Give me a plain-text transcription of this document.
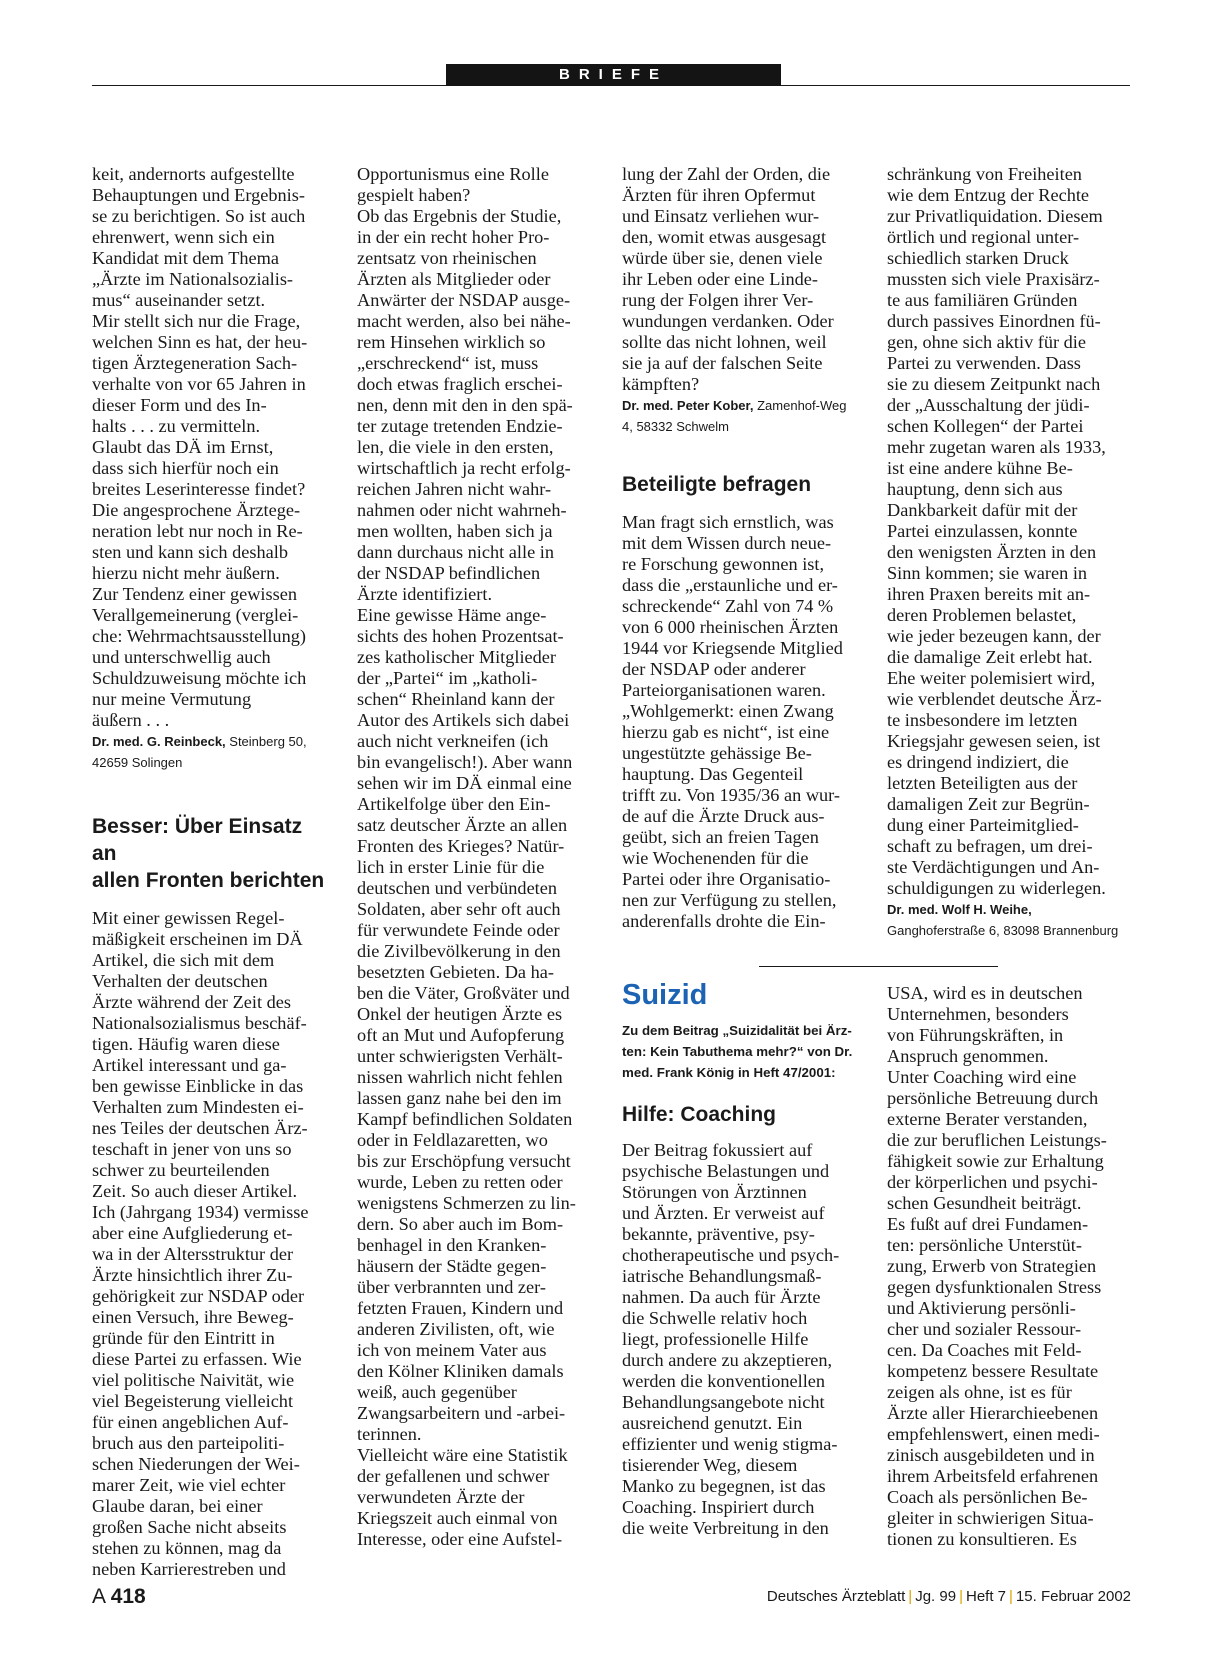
BRIEFE

keit, andernorts aufgestellte
Behauptungen und Ergebnis-
se zu berichtigen. So ist auch
ehrenwert, wenn sich ein
Kandidat mit dem Thema
„Ärzte im Nationalsozialis-
mus“ auseinander setzt.
Mir stellt sich nur die Frage,
welchen Sinn es hat, der heu-
tigen Ärztegeneration Sach-
verhalte von vor 65 Jahren in
dieser Form und des In-
halts . . . zu vermitteln.
Glaubt das DÄ im Ernst,
dass sich hierfür noch ein
breites Leserinteresse findet?
Die angesprochene Ärztege-
neration lebt nur noch in Re-
sten und kann sich deshalb
hierzu nicht mehr äußern.
Zur Tendenz einer gewissen
Verallgemeinerung (verglei-
che: Wehrmachtsausstellung)
und unterschwellig auch
Schuldzuweisung möchte ich
nur meine Vermutung
äußern . . .

Dr. med. G. Reinbeck, Steinberg 50,
42659 Solingen

Besser: Über Einsatz an
allen Fronten berichten

Mit einer gewissen Regel-
mäßigkeit erscheinen im DÄ
Artikel, die sich mit dem
Verhalten der deutschen
Ärzte während der Zeit des
Nationalsozialismus beschäf-
tigen. Häufig waren diese
Artikel interessant und ga-
ben gewisse Einblicke in das
Verhalten zum Mindesten ei-
nes Teiles der deutschen Ärz-
teschaft in jener von uns so
schwer zu beurteilenden
Zeit. So auch dieser Artikel.
Ich (Jahrgang 1934) vermisse
aber eine Aufgliederung et-
wa in der Altersstruktur der
Ärzte hinsichtlich ihrer Zu-
gehörigkeit zur NSDAP oder
einen Versuch, ihre Beweg-
gründe für den Eintritt in
diese Partei zu erfassen. Wie
viel politische Naivität, wie
viel Begeisterung vielleicht
für einen angeblichen Auf-
bruch aus den parteipoliti-
schen Niederungen der Wei-
marer Zeit, wie viel echter
Glaube daran, bei einer
großen Sache nicht abseits
stehen zu können, mag da
neben Karrierestreben und

Opportunismus eine Rolle
gespielt haben?
Ob das Ergebnis der Studie,
in der ein recht hoher Pro-
zentsatz von rheinischen
Ärzten als Mitglieder oder
Anwärter der NSDAP ausge-
macht werden, also bei nähe-
rem Hinsehen wirklich so
„erschreckend“ ist, muss
doch etwas fraglich erschei-
nen, denn mit den in den spä-
ter zutage tretenden Endzie-
len, die viele in den ersten,
wirtschaftlich ja recht erfolg-
reichen Jahren nicht wahr-
nahmen oder nicht wahrneh-
men wollten, haben sich ja
dann durchaus nicht alle in
der NSDAP befindlichen
Ärzte identifiziert.
Eine gewisse Häme ange-
sichts des hohen Prozentsat-
zes katholischer Mitglieder
der „Partei“ im „katholi-
schen“ Rheinland kann der
Autor des Artikels sich dabei
auch nicht verkneifen (ich
bin evangelisch!). Aber wann
sehen wir im DÄ einmal eine
Artikelfolge über den Ein-
satz deutscher Ärzte an allen
Fronten des Krieges? Natür-
lich in erster Linie für die
deutschen und verbündeten
Soldaten, aber sehr oft auch
für verwundete Feinde oder
die Zivilbevölkerung in den
besetzten Gebieten. Da ha-
ben die Väter, Großväter und
Onkel der heutigen Ärzte es
oft an Mut und Aufopferung
unter schwierigsten Verhält-
nissen wahrlich nicht fehlen
lassen ganz nahe bei den im
Kampf befindlichen Soldaten
oder in Feldlazaretten, wo
bis zur Erschöpfung versucht
wurde, Leben zu retten oder
wenigstens Schmerzen zu lin-
dern. So aber auch im Bom-
benhagel in den Kranken-
häusern der Städte gegen-
über verbrannten und zer-
fetzten Frauen, Kindern und
anderen Zivilisten, oft, wie
ich von meinem Vater aus
den Kölner Kliniken damals
weiß, auch gegenüber
Zwangsarbeitern und -arbei-
terinnen.
Vielleicht wäre eine Statistik
der gefallenen und schwer
verwundeten Ärzte der
Kriegszeit auch einmal von
Interesse, oder eine Aufstel-

lung der Zahl der Orden, die
Ärzten für ihren Opfermut
und Einsatz verliehen wur-
den, womit etwas ausgesagt
würde über sie, denen viele
ihr Leben oder eine Linde-
rung der Folgen ihrer Ver-
wundungen verdanken. Oder
sollte das nicht lohnen, weil
sie ja auf der falschen Seite
kämpften?

Dr. med. Peter Kober, Zamenhof-Weg
4, 58332 Schwelm

Beteiligte befragen

Man fragt sich ernstlich, was
mit dem Wissen durch neue-
re Forschung gewonnen ist,
dass die „erstaunliche und er-
schreckende“ Zahl von 74 %
von 6 000 rheinischen Ärzten
1944 vor Kriegsende Mitglied
der NSDAP oder anderer
Parteiorganisationen waren.
„Wohlgemerkt: einen Zwang
hierzu gab es nicht“, ist eine
ungestützte gehässige Be-
hauptung. Das Gegenteil
trifft zu. Von 1935/36 an wur-
de auf die Ärzte Druck aus-
geübt, sich an freien Tagen
wie Wochenenden für die
Partei oder ihre Organisatio-
nen zur Verfügung zu stellen,
anderenfalls drohte die Ein-

schränkung von Freiheiten
wie dem Entzug der Rechte
zur Privatliquidation. Diesem
örtlich und regional unter-
schiedlich starken Druck
mussten sich viele Praxisärz-
te aus familiären Gründen
durch passives Einordnen fü-
gen, ohne sich aktiv für die
Partei zu verwenden. Dass
sie zu diesem Zeitpunkt nach
der „Ausschaltung der jüdi-
schen Kollegen“ der Partei
mehr zugetan waren als 1933,
ist eine andere kühne Be-
hauptung, denn sich aus
Dankbarkeit dafür mit der
Partei einzulassen, konnte
den wenigsten Ärzten in den
Sinn kommen; sie waren in
ihren Praxen bereits mit an-
deren Problemen belastet,
wie jeder bezeugen kann, der
die damalige Zeit erlebt hat.
Ehe weiter polemisiert wird,
wie verblendet deutsche Ärz-
te insbesondere im letzten
Kriegsjahr gewesen seien, ist
es dringend indiziert, die
letzten Beteiligten aus der
damaligen Zeit zur Begrün-
dung einer Parteimitglied-
schaft zu befragen, um drei-
ste Verdächtigungen und An-
schuldigungen zu widerlegen.

Dr. med. Wolf H. Weihe,
Ganghoferstraße 6, 83098 Brannenburg

Suizid

Zu dem Beitrag „Suizidalität bei Ärz-
ten: Kein Tabuthema mehr?“ von Dr.
med. Frank König in Heft 47/2001:

Hilfe: Coaching

Der Beitrag fokussiert auf
psychische Belastungen und
Störungen von Ärztinnen
und Ärzten. Er verweist auf
bekannte, präventive, psy-
chotherapeutische und psych-
iatrische Behandlungsmaß-
nahmen. Da auch für Ärzte
die Schwelle relativ hoch
liegt, professionelle Hilfe
durch andere zu akzeptieren,
werden die konventionellen
Behandlungsangebote nicht
ausreichend genutzt. Ein
effizienter und wenig stigma-
tisierender Weg, diesem
Manko zu begegnen, ist das
Coaching. Inspiriert durch
die weite Verbreitung in den

USA, wird es in deutschen
Unternehmen, besonders
von Führungskräften, in
Anspruch genommen.
Unter Coaching wird eine
persönliche Betreuung durch
externe Berater verstanden,
die zur beruflichen Leistungs-
fähigkeit sowie zur Erhaltung
der körperlichen und psychi-
schen Gesundheit beiträgt.
Es fußt auf drei Fundamen-
ten: persönliche Unterstüt-
zung, Erwerb von Strategien
gegen dysfunktionalen Stress
und Aktivierung persönli-
cher und sozialer Ressour-
cen. Da Coaches mit Feld-
kompetenz bessere Resultate
zeigen als ohne, ist es für
Ärzte aller Hierarchieebenen
empfehlenswert, einen medi-
zinisch ausgebildeten und in
ihrem Arbeitsfeld erfahrenen
Coach als persönlichen Be-
gleiter in schwierigen Situa-
tionen zu konsultieren. Es

A 418	Deutsches Ärzteblatt | Jg. 99 | Heft 7 | 15. Februar 2002
